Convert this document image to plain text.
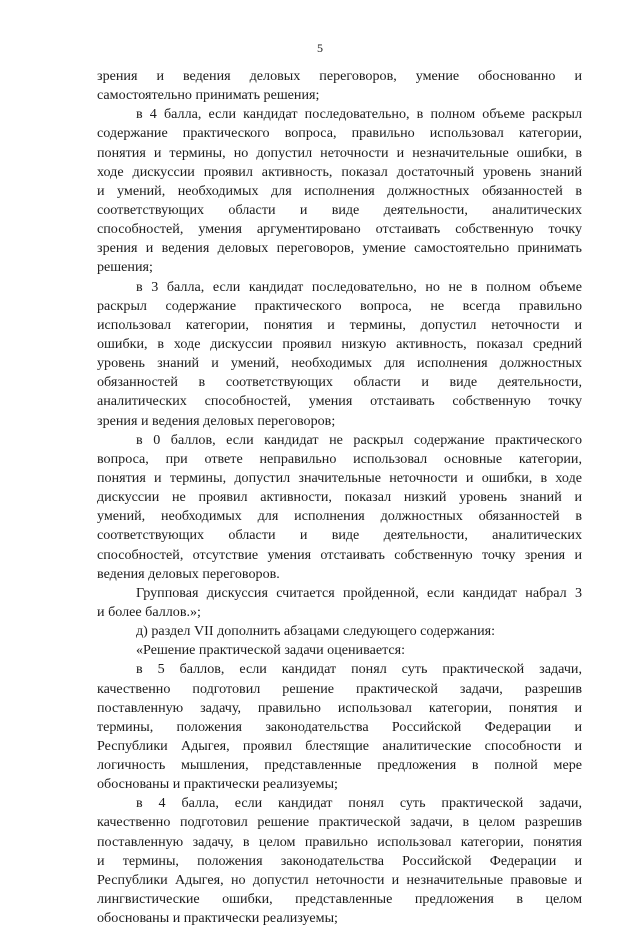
5
зрения и ведения деловых переговоров, умение обоснованно и
самостоятельно принимать решения;
в 4 балла, если кандидат последовательно, в полном объеме раскрыл
содержание практического вопроса, правильно использовал категории,
понятия и термины, но допустил неточности и незначительные ошибки, в
ходе дискуссии проявил активность, показал достаточный уровень знаний
и умений, необходимых для исполнения должностных обязанностей в
соответствующих области и виде деятельности, аналитических
способностей, умения аргументировано отстаивать собственную точку
зрения и ведения деловых переговоров, умение самостоятельно принимать
решения;
в 3 балла, если кандидат последовательно, но не в полном объеме
раскрыл содержание практического вопроса, не всегда правильно
использовал категории, понятия и термины, допустил неточности и
ошибки, в ходе дискуссии проявил низкую активность, показал средний
уровень знаний и умений, необходимых для исполнения должностных
обязанностей в соответствующих области и виде деятельности,
аналитических способностей, умения отстаивать собственную точку
зрения и ведения деловых переговоров;
в 0 баллов, если кандидат не раскрыл содержание практического
вопроса, при ответе неправильно использовал основные категории,
понятия и термины, допустил значительные неточности и ошибки, в ходе
дискуссии не проявил активности, показал низкий уровень знаний и
умений, необходимых для исполнения должностных обязанностей в
соответствующих области и виде деятельности, аналитических
способностей, отсутствие умения отстаивать собственную точку зрения и
ведения деловых переговоров.
Групповая дискуссия считается пройденной, если кандидат набрал 3
и более баллов.»;
д) раздел VII дополнить абзацами следующего содержания:
«Решение практической задачи оценивается:
в 5 баллов, если кандидат понял суть практической задачи,
качественно подготовил решение практической задачи, разрешив
поставленную задачу, правильно использовал категории, понятия и
термины, положения законодательства Российской Федерации и
Республики Адыгея, проявил блестящие аналитические способности и
логичность мышления, представленные предложения в полной мере
обоснованы и практически реализуемы;
в 4 балла, если кандидат понял суть практической задачи,
качественно подготовил решение практической задачи, в целом разрешив
поставленную задачу, в целом правильно использовал категории, понятия
и термины, положения законодательства Российской Федерации и
Республики Адыгея, но допустил неточности и незначительные правовые и
лингвистические ошибки, представленные предложения в целом
обоснованы и практически реализуемы;
